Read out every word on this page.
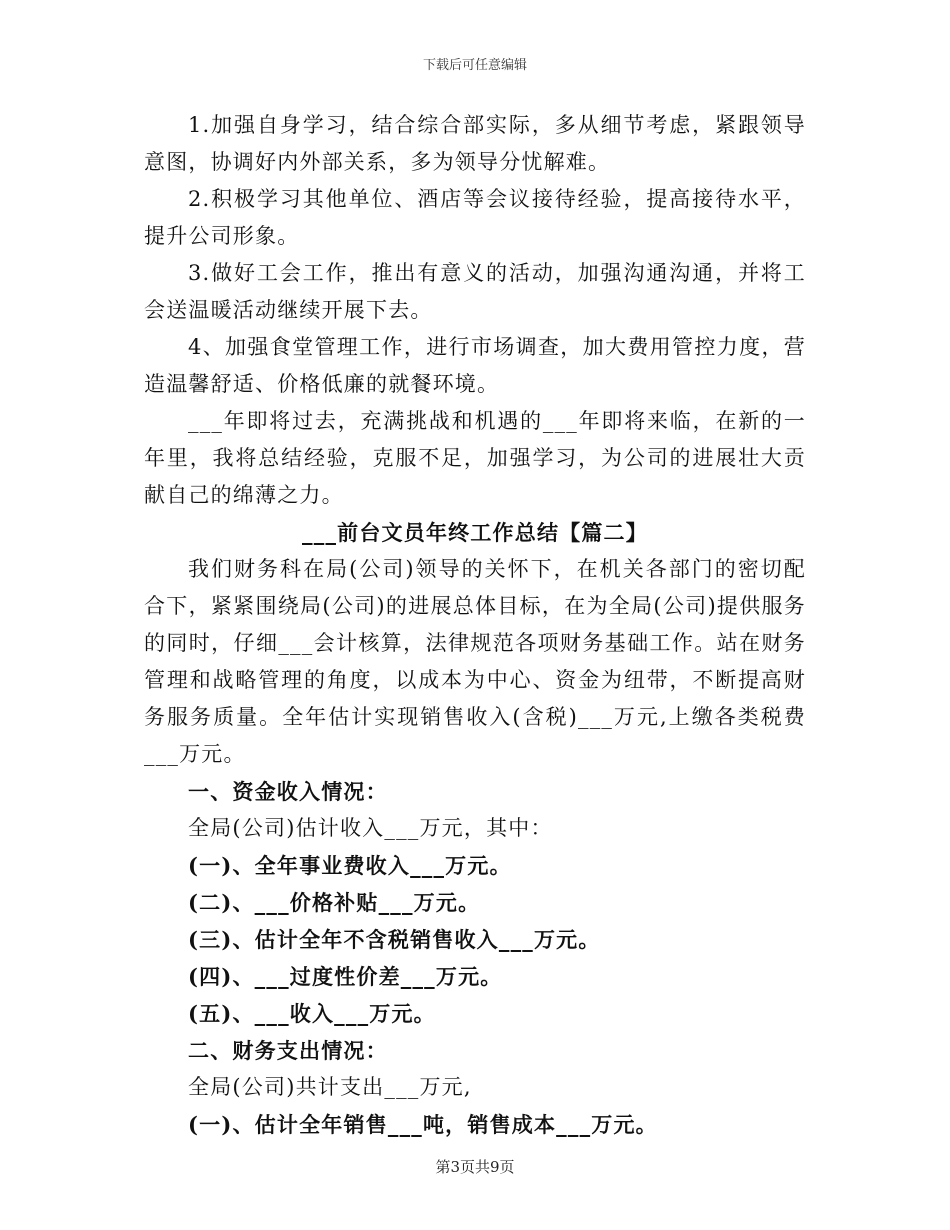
下载后可任意编辑

1.加强自身学习，结合综合部实际，多从细节考虑，紧跟领导意图，协调好内外部关系，多为领导分忧解难。

2.积极学习其他单位、酒店等会议接待经验，提高接待水平，提升公司形象。

3.做好工会工作，推出有意义的活动，加强沟通沟通，并将工会送温暖活动继续开展下去。

4、加强食堂管理工作，进行市场调查，加大费用管控力度，营造温馨舒适、价格低廉的就餐环境。

___年即将过去，充满挑战和机遇的___年即将来临，在新的一年里，我将总结经验，克服不足，加强学习，为公司的进展壮大贡献自己的绵薄之力。

___前台文员年终工作总结【篇二】

我们财务科在局(公司)领导的关怀下，在机关各部门的密切配合下，紧紧围绕局(公司)的进展总体目标，在为全局(公司)提供服务的同时，仔细___会计核算，法律规范各项财务基础工作。站在财务管理和战略管理的角度，以成本为中心、资金为纽带，不断提高财务服务质量。全年估计实现销售收入(含税)___万元,上缴各类税费___万元。

一、资金收入情况：

全局(公司)估计收入___万元，其中：

(一)、全年事业费收入___万元。

(二)、___价格补贴___万元。

(三)、估计全年不含税销售收入___万元。

(四)、___过度性价差___万元。

(五)、___收入___万元。

二、财务支出情况：

全局(公司)共计支出___万元,

(一)、估计全年销售___吨，销售成本___万元。

第3页共9页
